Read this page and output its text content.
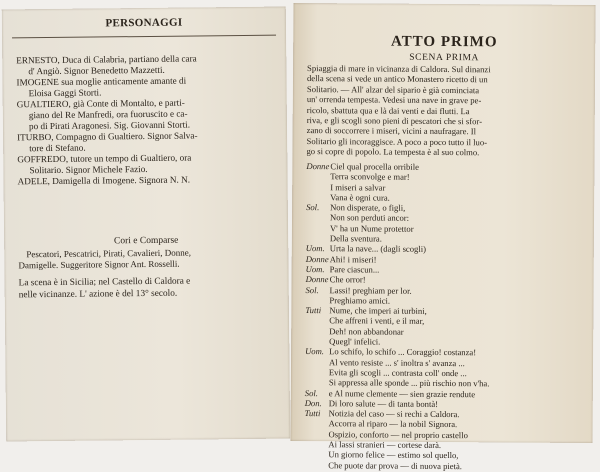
PERSONAGGI

ERNESTO, Duca di Calabria, partiano della cara

d' Angiò. Signor Benedetto Mazzetti.

IMOGENE sua moglie anticamente amante di

Eloisa Gaggi Storti.

GUALTIERO, già Conte di Montalto, e parti-

giano del Re Manfredi, ora fuoruscito e ca-

po di Pirati Aragonesi. Sig. Giovanni Storti.

ITURBO, Compagno di Gualtiero. Signor Salva-

tore di Stefano.

GOFFREDO, tutore un tempo di Gualtiero, ora

Solitario. Signor Michele Fazio.

ADELE, Damigella di Imogene. Signora N. N.

Cori e Comparse
Pescatori, Pescatrici, Pirati, Cavalieri, Donne,
Damigelle. Suggeritore Signor Ant. Rosselli.
La scena è in Sicilia; nel Castello di Caldora e
nelle vicinanze. L' azione è del 13° secolo.
ATTO PRIMO
SCENA PRIMA
Spiaggia di mare in vicinanza di Caldora. Sul dinanzi
della scena si vede un antico Monastero ricetto di un
Solitario. — All' alzar del sipario è già cominciata
un' orrenda tempesta. Vedesi una nave in grave pe-
ricolo, sbattuta qua e là dai venti e dai flutti. La
riva, e gli scogli sono pieni di pescatori che si sfor-
zano di soccorrere i miseri, vicini a naufragare. Il
Solitario gli incoraggisce. A poco a poco tutto il luo-
go si copre di popolo. La tempesta è al suo colmo.
Donne	Ciel qual procella orribile
	Terra sconvolge e mar!
	I miseri a salvar
	Vana è ogni cura.
Sol.	Non disperate, o figli,
	Non son perduti ancor:
	V' ha un Nume protettor
	Della sventura.
Uom.	Urta la nave... (dagli scogli)
Donne	Ahi! i miseri!
Uom.	Pare ciascun...
Donne	Che orror!
Sol.	Lassi! preghiam per lor.
	Preghiamo amici.
Tutti	Nume, che imperi ai turbini,
	Che affreni i venti, e il mar,
	Deh! non abbandonar
	Quegl' infelici.
Uom.	Lo schifo, lo schifo ... Coraggio! costanza!
	Al vento resiste ... s' inoltra s' avanza ...
	Evita gli scogli ... contrasta coll' onde ...
	Si appressa alle sponde ... più rischio non v'ha.
Sol.	e Al nume clemente — sien grazie rendute
Don.	Di loro salute — di tanta bontà!
Tutti	Notizia del caso — si rechi a Caldora.
	Accorra al riparo — la nobil Signora.
	Ospizio, conforto — nel proprio castello
	Ai lassi stranieri — cortese darà.
	Un giorno felice — estimo sol quello,
	Che puote dar prova — di nuova pietà.
